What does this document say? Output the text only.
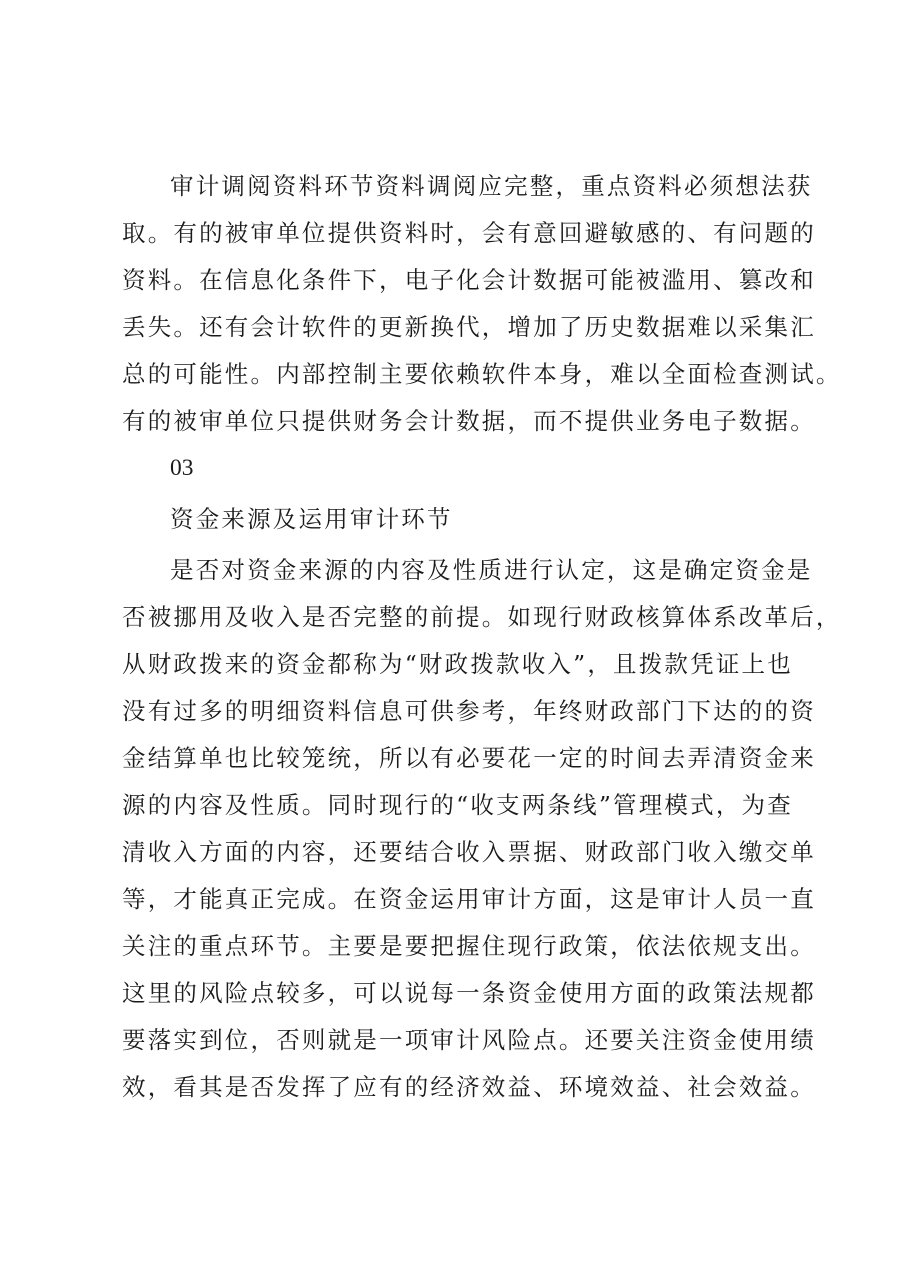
审计调阅资料环节资料调阅应完整，重点资料必须想法获
取。有的被审单位提供资料时，会有意回避敏感的、有问题的
资料。在信息化条件下，电子化会计数据可能被滥用、篡改和
丢失。还有会计软件的更新换代，增加了历史数据难以采集汇
总的可能性。内部控制主要依赖软件本身，难以全面检查测试。
有的被审单位只提供财务会计数据，而不提供业务电子数据。
03
资金来源及运用审计环节
是否对资金来源的内容及性质进行认定，这是确定资金是
否被挪用及收入是否完整的前提。如现行财政核算体系改革后，
从财政拨来的资金都称为“财政拨款收入”，且拨款凭证上也
没有过多的明细资料信息可供参考，年终财政部门下达的的资
金结算单也比较笼统，所以有必要花一定的时间去弄清资金来
源的内容及性质。同时现行的“收支两条线”管理模式，为查
清收入方面的内容，还要结合收入票据、财政部门收入缴交单
等，才能真正完成。在资金运用审计方面，这是审计人员一直
关注的重点环节。主要是要把握住现行政策，依法依规支出。
这里的风险点较多，可以说每一条资金使用方面的政策法规都
要落实到位，否则就是一项审计风险点。还要关注资金使用绩
效，看其是否发挥了应有的经济效益、环境效益、社会效益。
